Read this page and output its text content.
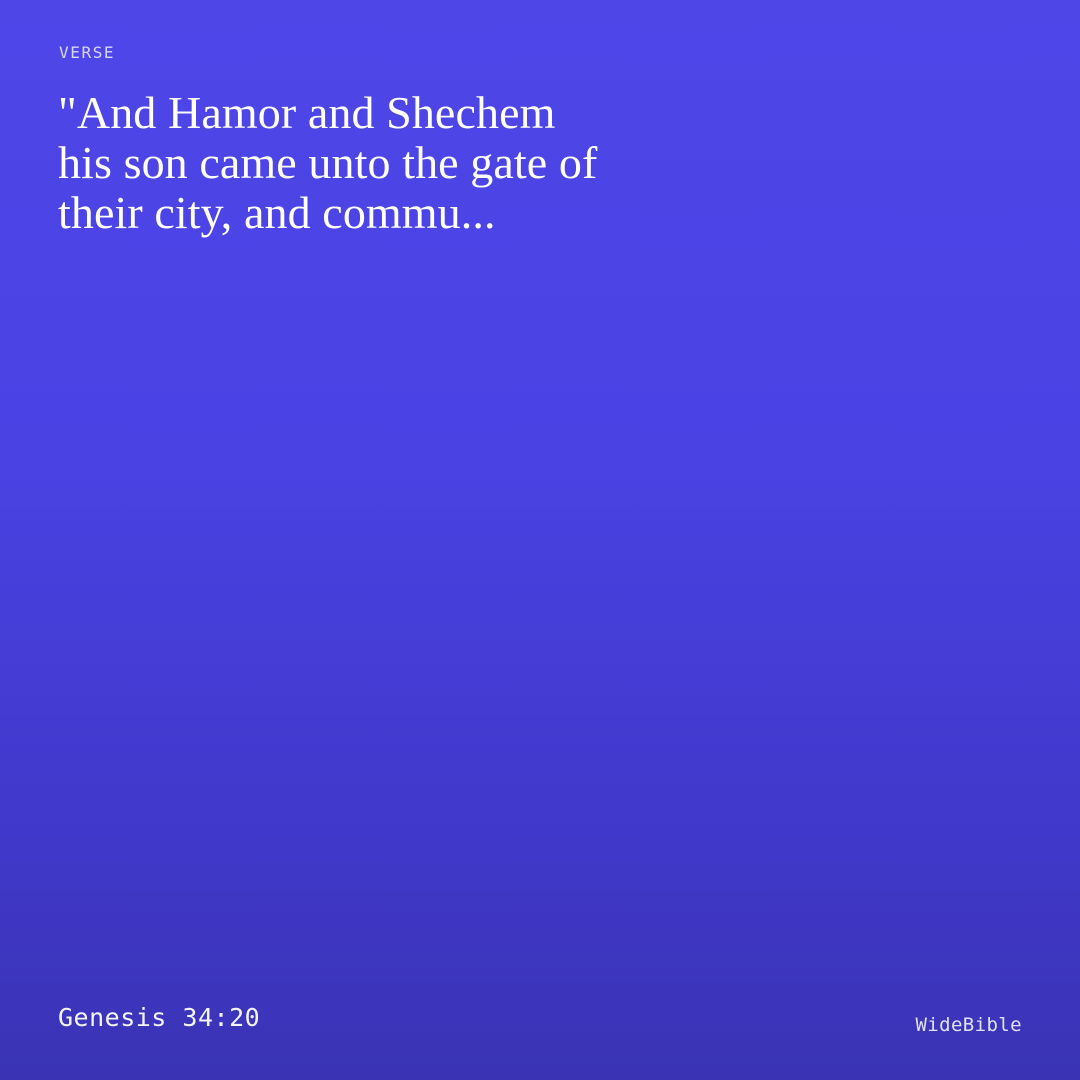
VERSE
"And Hamor and Shechem his son came unto the gate of their city, and commu...
Genesis 34:20	WideBible
